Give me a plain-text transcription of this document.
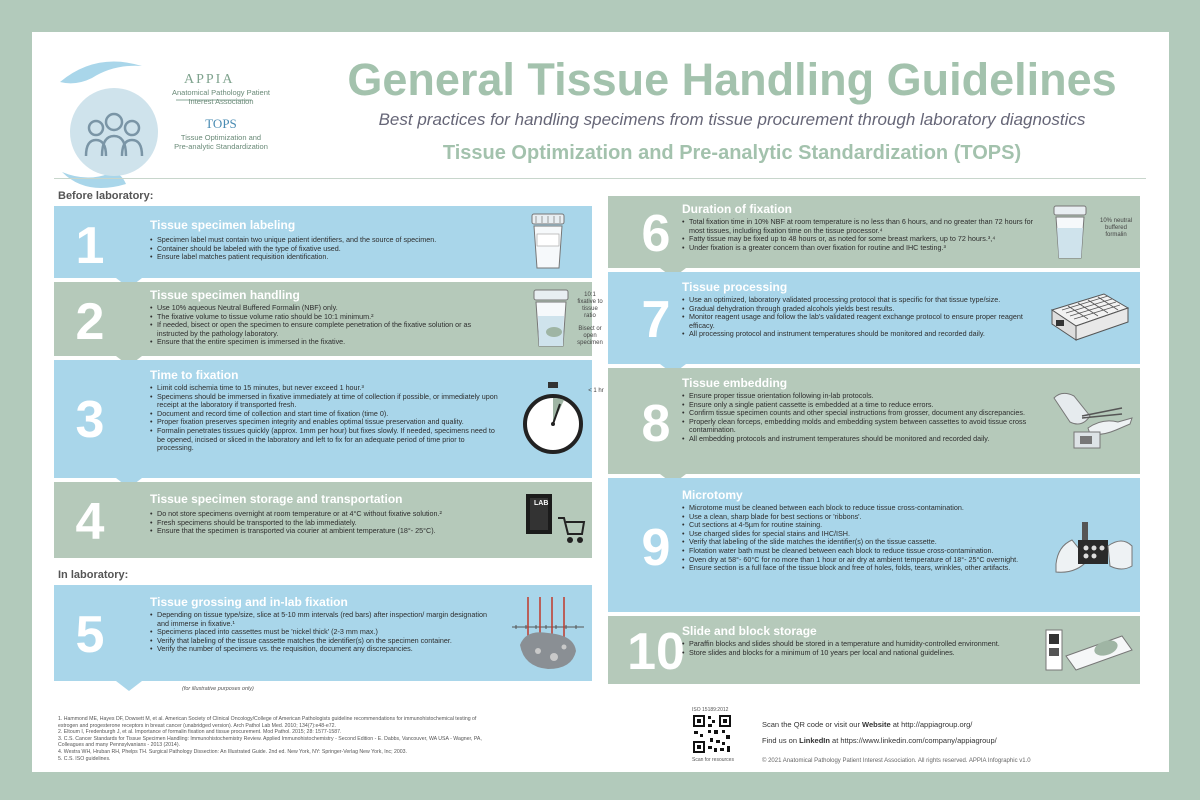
APPIA
Anatomical Pathology Patient
Interest Association
TOPS
Tissue Optimization and
Pre-analytic Standardization
General Tissue Handling Guidelines
Best practices for handling specimens from tissue procurement through laboratory diagnostics
Tissue Optimization and Pre-analytic Standardization (TOPS)
Before laboratory:
In laboratory:
1	Tissue specimen labeling
• Specimen label must contain two unique patient identifiers, and the source of specimen.
• Container should be labeled with the type of fixative used.
• Ensure label matches patient requisition identification.
2	Tissue specimen handling
• Use 10% aqueous Neutral Buffered Formalin (NBF) only.
• The fixative volume to tissue volume ratio should be 10:1 minimum.²
• If needed, bisect or open the specimen to ensure complete penetration of the fixative solution or as instructed by the pathology laboratory.
• Ensure that the entire specimen is immersed in the fixative.
10:1 fixative to tissue ratio
Bisect or open specimen
3
Time to fixation
• Limit cold ischemia time to 15 minutes, but never exceed 1 hour.³
• Specimens should be immersed in fixative immediately at time of collection if possible, or immediately upon receipt at the laboratory if transported fresh.
• Document and record time of collection and start time of fixation (time 0).
• Proper fixation preserves specimen integrity and enables optimal tissue preservation and quality.
• Formalin penetrates tissues quickly (approx. 1mm per hour) but fixes slowly. If needed, specimens need to be opened, incised or sliced in the laboratory and left to fix for an adequate period of time prior to processing.
< 1 hr
4	Tissue specimen storage and transportation
• Do not store specimens overnight at room temperature or at 4°C without fixative solution.²
• Fresh specimens should be transported to the lab immediately.
• Ensure that the specimen is transported via courier at ambient temperature (18°- 25°C).
LAB
5
Tissue grossing and in-lab fixation
• Depending on tissue type/size, slice at 5-10 mm intervals (red bars) after inspection/ margin designation and immerse in fixative.¹
• Specimens placed into cassettes must be 'nickel thick' (2-3 mm max.)
• Verify that labeling of the tissue cassette matches the identifier(s) on the specimen container.
• Verify the number of specimens vs. the requisition, document any discrepancies.
(for illustrative purposes only)
6 Duration of fixation
• Total fixation time in 10% NBF at room temperature is no less than 6 hours, and no greater than 72 hours for most tissues, including fixation time on the tissue processor.⁴
• Fatty tissue may be fixed up to 48 hours or, as noted for some breast markers, up to 72 hours.³,⁴
• Under fixation is a greater concern than over fixation for routine and IHC testing.³
10% neutral buffered formalin
7
Tissue processing
• Use an optimized, laboratory validated processing protocol that is specific for that tissue type/size.
• Gradual dehydration through graded alcohols yields best results.
• Monitor reagent usage and follow the lab's validated reagent exchange protocol to ensure proper reagent efficacy.
• All processing protocol and instrument temperatures should be monitored and recorded daily.
8
Tissue embedding
• Ensure proper tissue orientation following in-lab protocols.
• Ensure only a single patient cassette is embedded at a time to reduce errors.
• Confirm tissue specimen counts and other special instructions from grosser, document any discrepancies.
• Properly clean forceps, embedding molds and embedding system between cassettes to avoid tissue cross contamination.
• All embedding protocols and instrument temperatures should be monitored and recorded daily.
9
Microtomy
• Microtome must be cleaned between each block to reduce tissue cross-contamination.
• Use a clean, sharp blade for best sections or 'ribbons'.
• Cut sections at 4-5µm for routine staining.
• Use charged slides for special stains and IHC/ISH.
• Verify that labeling of the slide matches the identifier(s) on the tissue cassette.
• Flotation water bath must be cleaned between each block to reduce tissue cross-contamination.
• Oven dry at 58°- 60°C for no more than 1 hour or air dry at ambient temperature of 18°- 25°C overnight.
• Ensure section is a full face of the tissue block and free of holes, folds, tears, wrinkles, other artifacts.
10
Slide and block storage
• Paraffin blocks and slides should be stored in a temperature and humidity-controlled environment.
• Store slides and blocks for a minimum of 10 years per local and national guidelines.
1. Hammond ME, Hayes DF, Dowsett M, et al. American Society of Clinical Oncology/College of American Pathologists guideline recommendations for immunohistochemical testing of
estrogen and progesterone receptors in breast cancer (unabridged version). Arch Pathol Lab Med. 2010; 134(7):e48-e72.
2. Eltoum I, Fredenburgh J, et al. Importance of formalin fixation and tissue procurement. Mod Pathol. 2015; 28: 1577-1587.
3. C.S. Cancer Standards for Tissue Specimen Handling: Immunohistochemistry Review. Applied Immunohistochemistry - Second Edition - E. Dabbs, Vancouver, WA USA - Wagner, PA,
Colleagues and many Pennsylvanians - 2013 (2014).
4. Westra WH, Hruban RH, Phelps TH. Surgical Pathology Dissection: An Illustrated Guide. 2nd ed. New York, NY: Springer-Verlag New York, Inc; 2003.
5. C.S. ISO guidelines.
ISO 15189:2012
Scan for resources
Scan the QR code or visit our Website at http://appiagroup.org/
Find us on LinkedIn at https://www.linkedin.com/company/appiagroup/
© 2021 Anatomical Pathology Patient Interest Association. All rights reserved. APPIA Infographic v1.0
